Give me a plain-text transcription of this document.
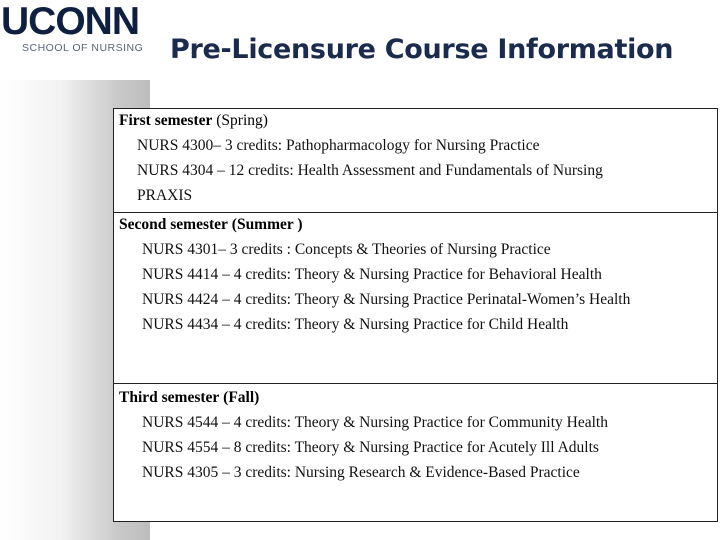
UCONN
SCHOOL OF NURSING Pre-Licensure Course Information
First semester (Spring)
NURS 4300– 3 credits: Pathopharmacology for Nursing Practice
NURS 4304 – 12 credits: Health Assessment and Fundamentals of Nursing
PRAXIS
Second semester (Summer )
NURS 4301– 3 credits : Concepts & Theories of Nursing Practice
NURS 4414 – 4 credits: Theory & Nursing Practice for Behavioral Health
NURS 4424 – 4 credits: Theory & Nursing Practice Perinatal-Women’s Health
NURS 4434 – 4 credits: Theory & Nursing Practice for Child Health
Third semester (Fall)
NURS 4544 – 4 credits: Theory & Nursing Practice for Community Health
NURS 4554 – 8 credits: Theory & Nursing Practice for Acutely Ill Adults
NURS 4305 – 3 credits: Nursing Research & Evidence-Based Practice
